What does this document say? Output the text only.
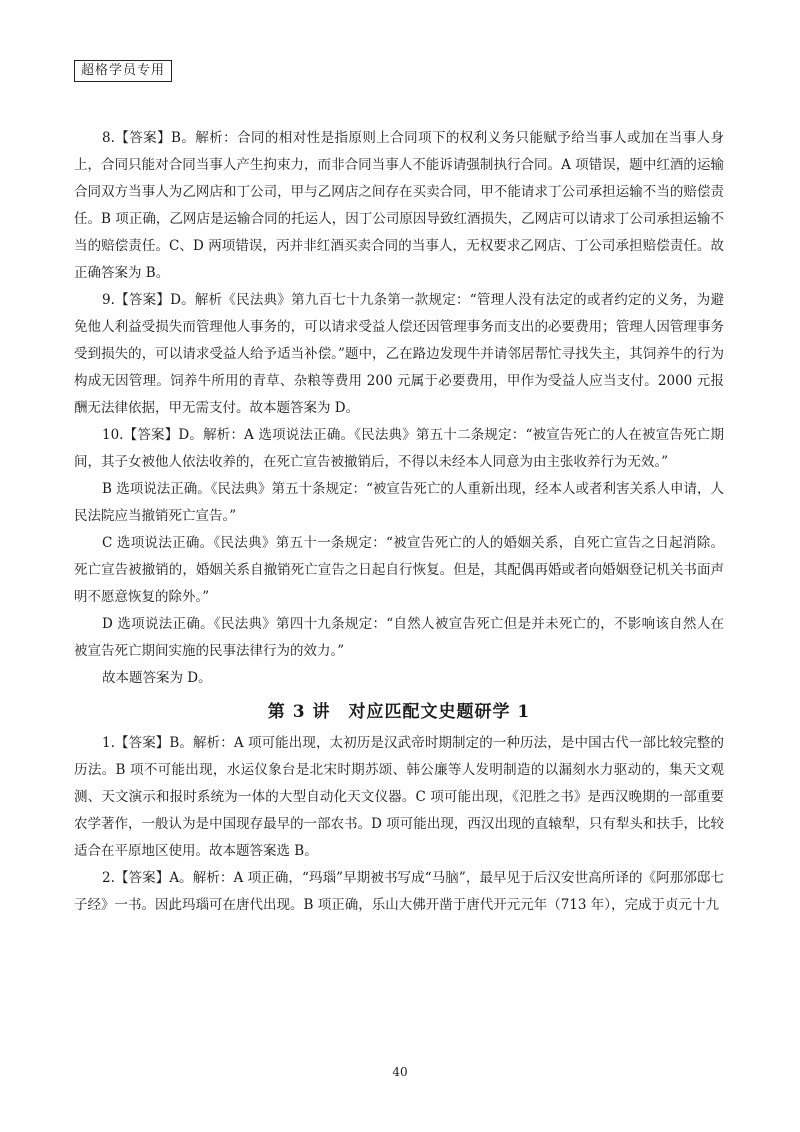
超格学员专用

8.【答案】B。解析：合同的相对性是指原则上合同项下的权利义务只能赋予给当事人或加在当事人身上，合同只能对合同当事人产生拘束力，而非合同当事人不能诉请强制执行合同。A 项错误，题中红酒的运输合同双方当事人为乙网店和丁公司，甲与乙网店之间存在买卖合同，甲不能请求丁公司承担运输不当的赔偿责任。B 项正确，乙网店是运输合同的托运人，因丁公司原因导致红酒损失，乙网店可以请求丁公司承担运输不当的赔偿责任。C、D 两项错误，丙并非红酒买卖合同的当事人，无权要求乙网店、丁公司承担赔偿责任。故正确答案为 B。

9.【答案】D。解析《民法典》第九百七十九条第一款规定：“管理人没有法定的或者约定的义务，为避免他人利益受损失而管理他人事务的，可以请求受益人偿还因管理事务而支出的必要费用；管理人因管理事务受到损失的，可以请求受益人给予适当补偿。”题中，乙在路边发现牛并请邻居帮忙寻找失主，其饲养牛的行为构成无因管理。饲养牛所用的青草、杂粮等费用 200 元属于必要费用，甲作为受益人应当支付。2000 元报酬无法律依据，甲无需支付。故本题答案为 D。

10.【答案】D。解析：A 选项说法正确。《民法典》第五十二条规定：“被宣告死亡的人在被宣告死亡期间，其子女被他人依法收养的，在死亡宣告被撤销后，不得以未经本人同意为由主张收养行为无效。”

B 选项说法正确。《民法典》第五十条规定：“被宣告死亡的人重新出现，经本人或者利害关系人申请，人民法院应当撤销死亡宣告。”

C 选项说法正确。《民法典》第五十一条规定：“被宣告死亡的人的婚姻关系，自死亡宣告之日起消除。死亡宣告被撤销的，婚姻关系自撤销死亡宣告之日起自行恢复。但是，其配偶再婚或者向婚姻登记机关书面声明不愿意恢复的除外。”

D 选项说法正确。《民法典》第四十九条规定：“自然人被宣告死亡但是并未死亡的，不影响该自然人在被宣告死亡期间实施的民事法律行为的效力。”

故本题答案为 D。

第 3 讲　对应匹配文史题研学 1

1.【答案】B。解析：A 项可能出现，太初历是汉武帝时期制定的一种历法，是中国古代一部比较完整的历法。B 项不可能出现，水运仪象台是北宋时期苏颂、韩公廉等人发明制造的以漏刻水力驱动的，集天文观测、天文演示和报时系统为一体的大型自动化天文仪器。C 项可能出现，《氾胜之书》是西汉晚期的一部重要农学著作，一般认为是中国现存最早的一部农书。D 项可能出现，西汉出现的直辕犁，只有犁头和扶手，比较适合在平原地区使用。故本题答案选 B。

2.【答案】A。解析：A 项正确，“玛瑙”早期被书写成“马脑”，最早见于后汉安世高所译的《阿那邠邸七子经》一书。因此玛瑙可在唐代出现。B 项正确，乐山大佛开凿于唐代开元元年（713 年），完成于贞元十九

40
